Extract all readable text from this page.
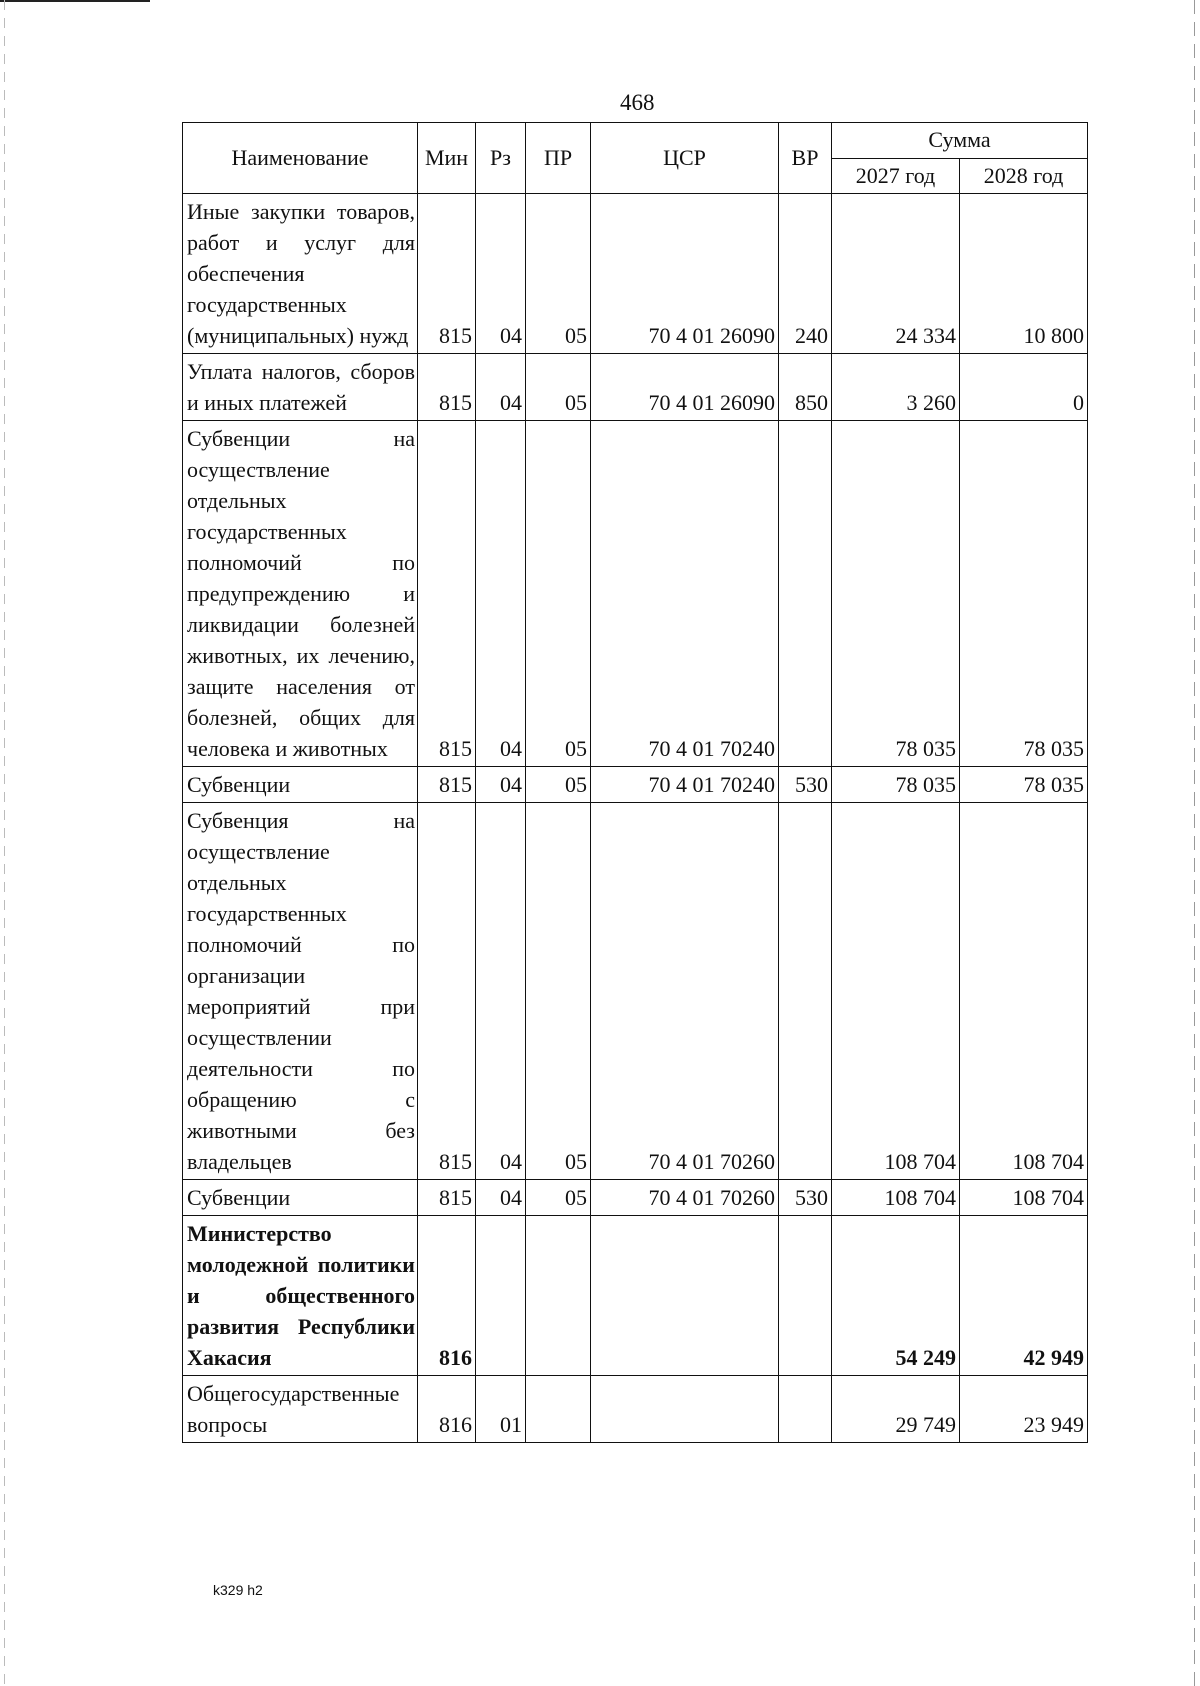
468
Наименование	Мин	Рз	ПР	ЦСР	ВР	Сумма	
						2027 год	2028 год
Иные закупки товаров, работ и услуг для обеспечения государственных (муниципальных) нужд	815	04	05	70 4 01 26090	240	24 334	10 800
Уплата налогов, сборов и иных платежей	815	04	05	70 4 01 26090	850	3 260	0
Субвенции на осуществление отдельных государственных полномочий по предупреждению и ликвидации болезней животных, их лечению, защите населения от болезней, общих для человека и животных	815	04	05	70 4 01 70240		78 035	78 035
Субвенции	815	04	05	70 4 01 70240	530	78 035	78 035
Субвенция на осуществление отдельных государственных полномочий по организации мероприятий при осуществлении деятельности по обращению с животными без владельцев	815	04	05	70 4 01 70260		108 704	108 704
Субвенции	815	04	05	70 4 01 70260	530	108 704	108 704
Министерство молодежной политики и общественного развития Республики Хакасия	816					54 249	42 949
Общегосударственные вопросы	816	01				29 749	23 949
k329 h2
